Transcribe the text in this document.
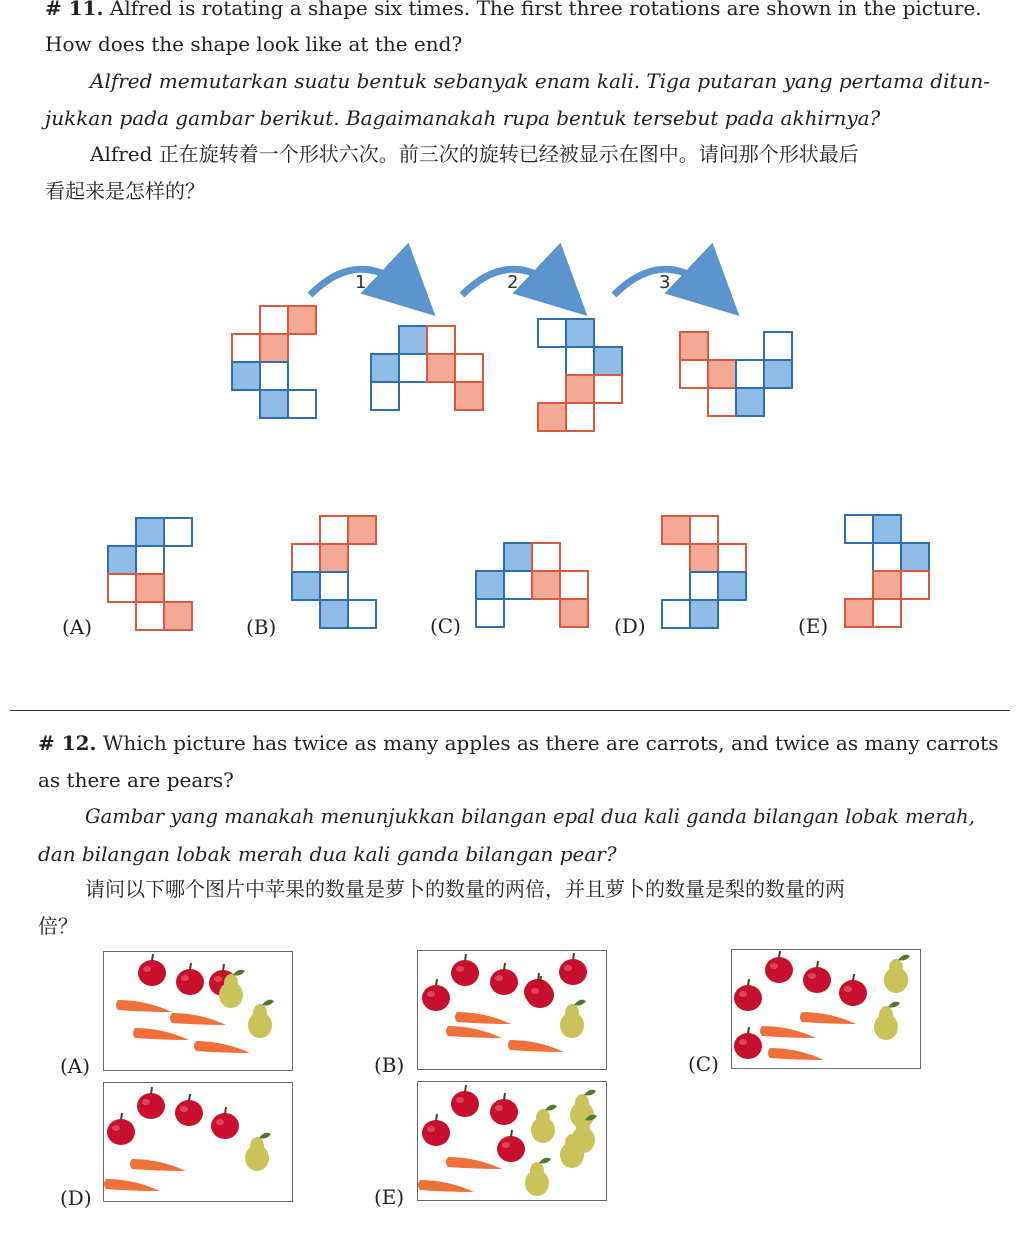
# 11. Alfred is rotating a shape six times. The first three rotations are shown in the picture.
How does the shape look like at the end?
Alfred memutarkan suatu bentuk sebanyak enam kali. Tiga putaran yang pertama ditun-
jukkan pada gambar berikut. Bagaimanakah rupa bentuk tersebut pada akhirnya?
Alfred 正在旋转着一个形状六次。前三次的旋转已经被显示在图中。请问那个形状最后
看起来是怎样的？
1	2	3
(A)	(B)	(C)	(D)	(E)
# 12. Which picture has twice as many apples as there are carrots, and twice as many carrots
as there are pears?
Gambar yang manakah menunjukkan bilangan epal dua kali ganda bilangan lobak merah,
dan bilangan lobak merah dua kali ganda bilangan pear?
请问以下哪个图片中苹果的数量是萝卜的数量的两倍，并且萝卜的数量是梨的数量的两
倍？
(A)	(B)	(C)
(D)	(E)
